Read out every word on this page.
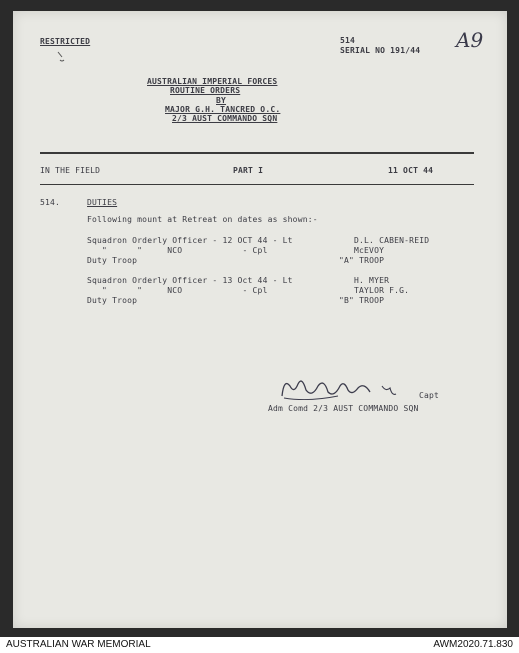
RESTRICTED	514
SERIAL NO 191/44 A9
AUSTRALIAN IMPERIAL FORCES
ROUTINE ORDERS
BY
MAJOR G.H. TANCRED O.C.
2/3 AUST COMMANDO SQN
IN THE FIELD	PART I	11 OCT 44
514.	DUTIES
Following mount at Retreat on dates as shown:-
Squadron Orderly Officer - 12 OCT 44 - Lt	D.L. CABEN-REID
"      "     NCO            - Cpl	McEVOY
Duty Troop	"A" TROOP
Squadron Orderly Officer - 13 Oct 44 - Lt	H. MYER
"      "     NCO            - Cpl	TAYLOR F.G.
Duty Troop	"B" TROOP
Capt
Adm Comd 2/3 AUST COMMANDO SQN
AUSTRALIAN WAR MEMORIAL	AWM2020.71.830
